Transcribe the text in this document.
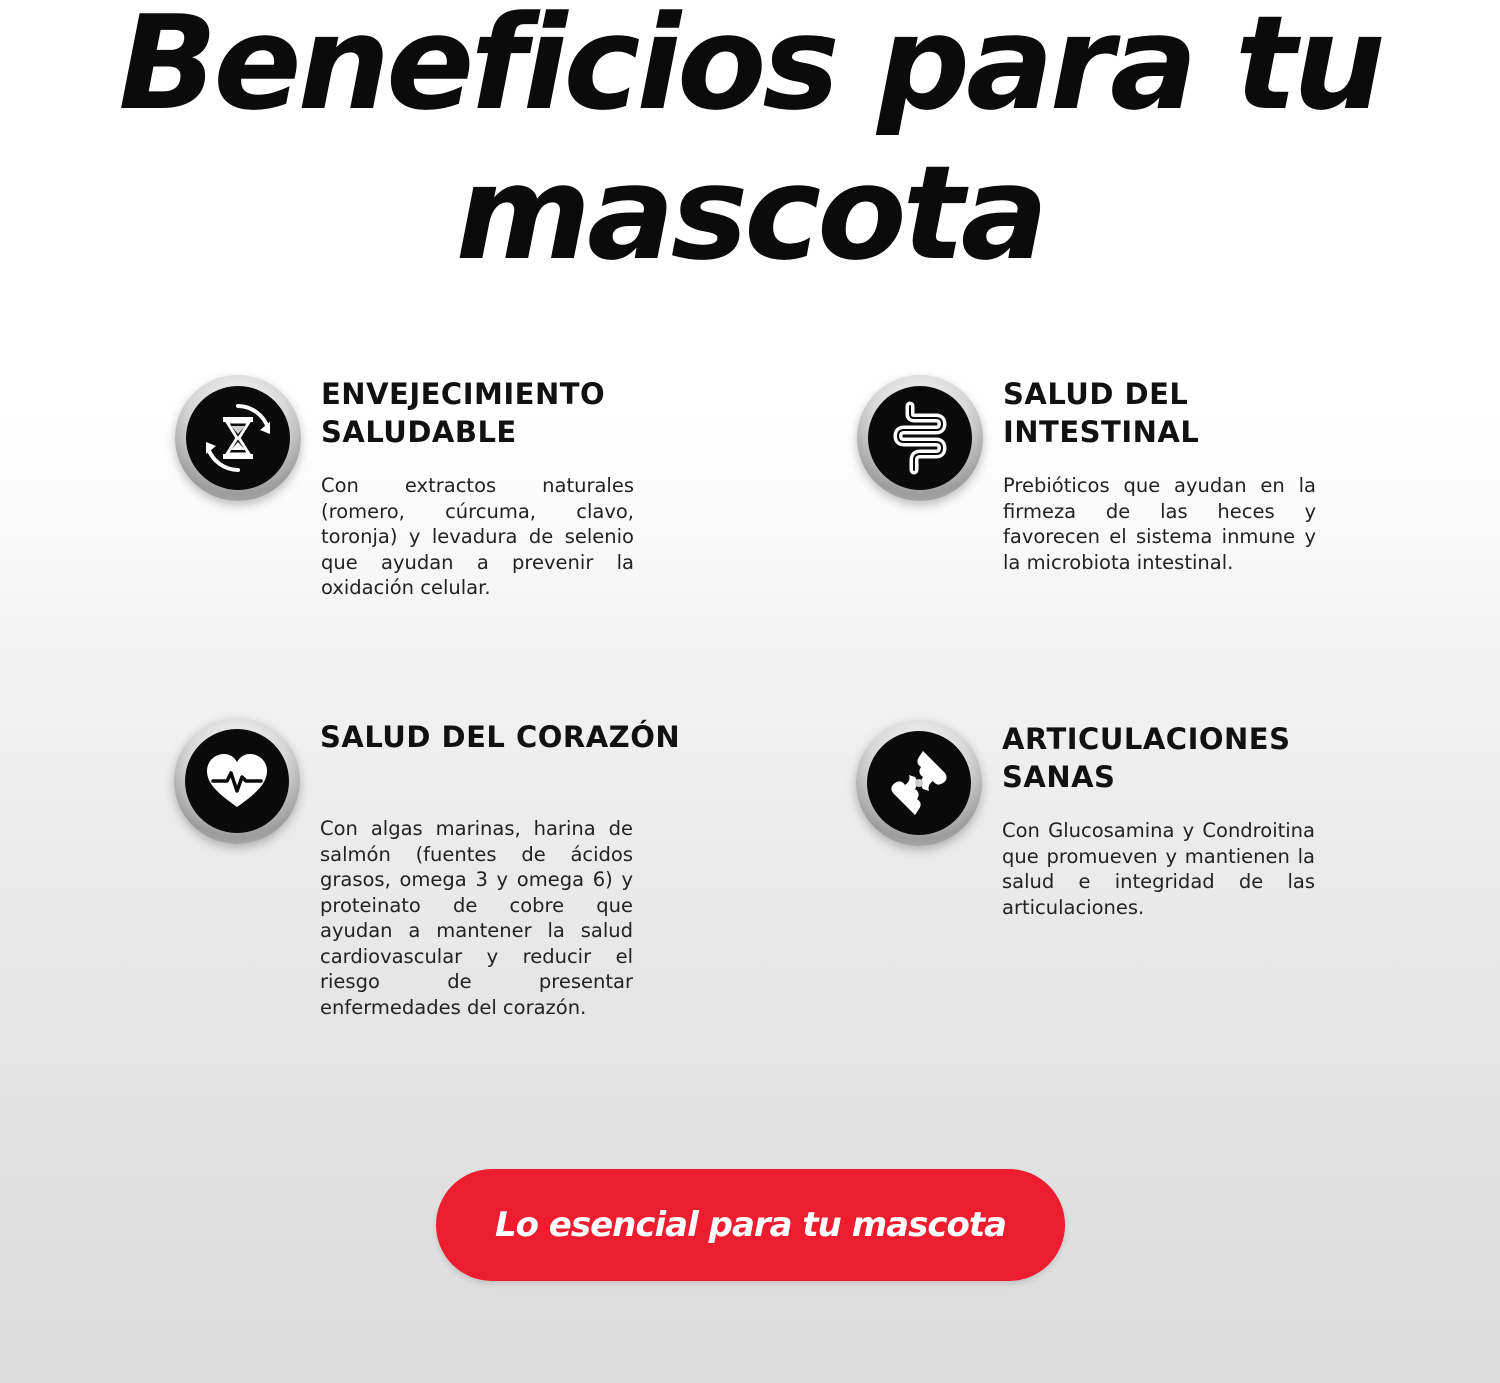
Beneficios para tu mascota
ENVEJECIMIENTO SALUDABLE

Con extractos naturales (romero, cúrcuma, clavo, toronja) y levadura de selenio que ayudan a prevenir la oxidación celular.

SALUD DEL INTESTINAL

Prebióticos que ayudan en la firmeza de las heces y favorecen el sistema inmune y la microbiota intestinal.

SALUD DEL CORAZÓN

Con algas marinas, harina de salmón (fuentes de ácidos grasos, omega 3 y omega 6) y proteinato de cobre que ayudan a mantener la salud cardiovascular y reducir el riesgo de presentar enfermedades del corazón.

ARTICULACIONES SANAS

Con Glucosamina y Condroitina que promueven y mantienen la salud e integridad de las articulaciones.

Lo esencial para tu mascota
